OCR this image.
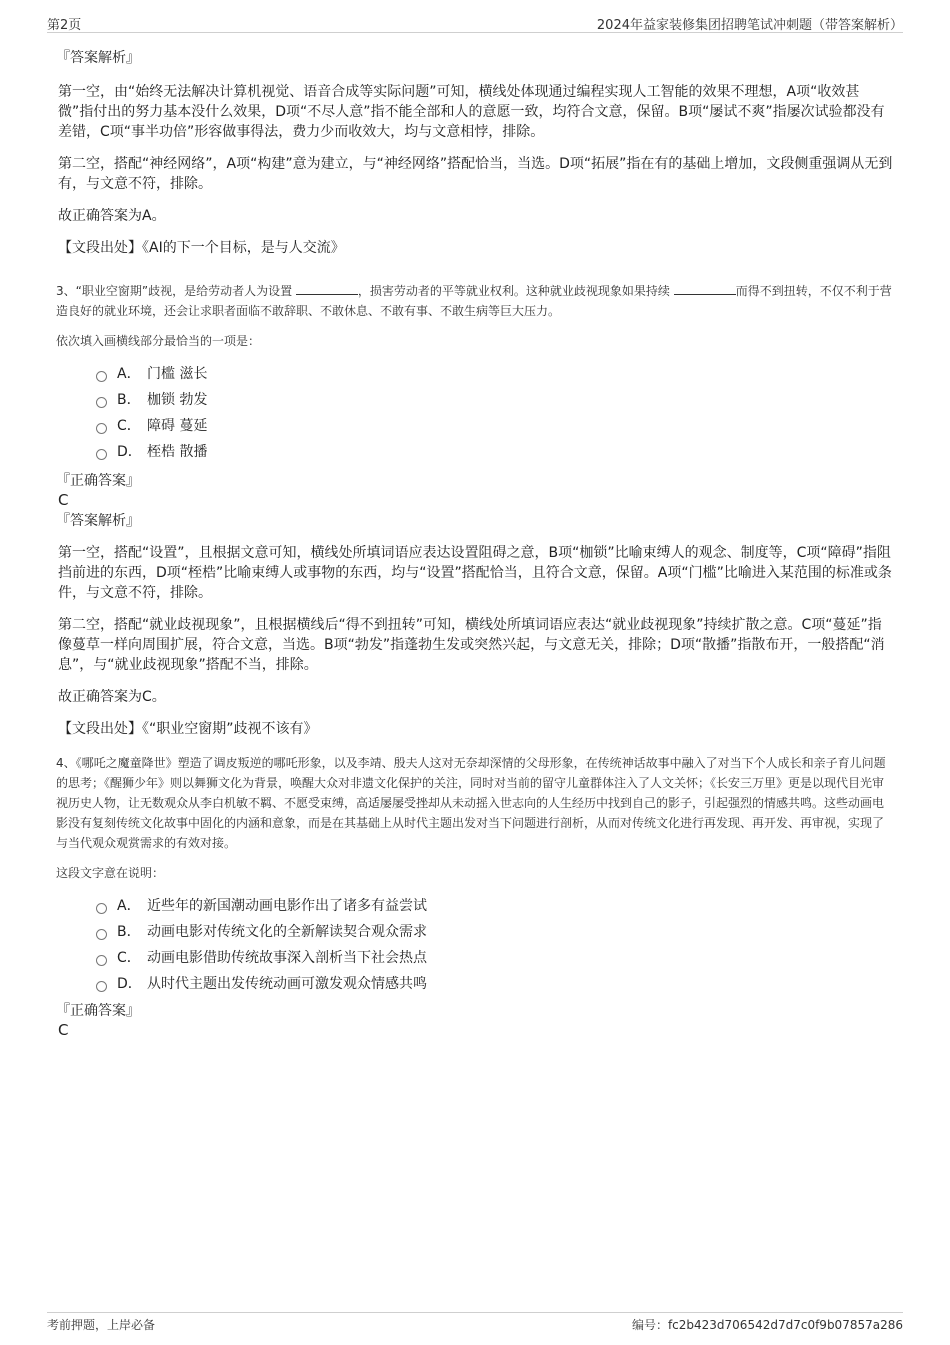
第2页	2024年益家装修集团招聘笔试冲刺题（带答案解析）

『答案解析』

第一空，由“始终无法解决计算机视觉、语音合成等实际问题”可知，横线处体现通过编程实现人工智能的效果不理想，A项“收效甚微”指付出的努力基本没什么效果，D项“不尽人意”指不能全部和人的意愿一致，均符合文意，保留。B项“屡试不爽”指屡次试验都没有差错，C项“事半功倍”形容做事得法，费力少而收效大，均与文意相悖，排除。

第二空，搭配“神经网络”，A项“构建”意为建立，与“神经网络”搭配恰当，当选。D项“拓展”指在有的基础上增加，文段侧重强调从无到有，与文意不符，排除。

故正确答案为A。

【文段出处】《AI的下一个目标，是与人交流》

3、“职业空窗期”歧视，是给劳动者人为设置	，损害劳动者的平等就业权利。这种就业歧视现象如果持续	而得不到扭转，不仅不利于营造良好的就业环境，还会让求职者面临不敢辞职、不敢休息、不敢有事、不敢生病等巨大压力。

依次填入画横线部分最恰当的一项是：

A． 门槛 滋长
B． 枷锁 勃发
C． 障碍 蔓延
D． 桎梏 散播

『正确答案』

C

『答案解析』

第一空，搭配“设置”，且根据文意可知，横线处所填词语应表达设置阻碍之意，B项“枷锁”比喻束缚人的观念、制度等，C项“障碍”指阻挡前进的东西，D项“桎梏”比喻束缚人或事物的东西，均与“设置”搭配恰当，且符合文意，保留。A项“门槛”比喻进入某范围的标准或条件，与文意不符，排除。

第二空，搭配“就业歧视现象”，且根据横线后“得不到扭转”可知，横线处所填词语应表达“就业歧视现象”持续扩散之意。C项“蔓延”指像蔓草一样向周围扩展，符合文意，当选。B项“勃发”指蓬勃生发或突然兴起，与文意无关，排除；D项“散播”指散布开，一般搭配“消息”，与“就业歧视现象”搭配不当，排除。

故正确答案为C。

【文段出处】《“职业空窗期”歧视不该有》

4、《哪吒之魔童降世》塑造了调皮叛逆的哪吒形象，以及李靖、殷夫人这对无奈却深情的父母形象，在传统神话故事中融入了对当下个人成长和亲子育儿问题的思考；《醒狮少年》则以舞狮文化为背景，唤醒大众对非遗文化保护的关注，同时对当前的留守儿童群体注入了人文关怀；《长安三万里》更是以现代目光审视历史人物，让无数观众从李白机敏不羁、不愿受束缚，高适屡屡受挫却从未动摇入世志向的人生经历中找到自己的影子，引起强烈的情感共鸣。这些动画电影没有复刻传统文化故事中固化的内涵和意象，而是在其基础上从时代主题出发对当下问题进行剖析，从而对传统文化进行再发现、再开发、再审视，实现了与当代观众观赏需求的有效对接。

这段文字意在说明：

A． 近些年的新国潮动画电影作出了诸多有益尝试
B． 动画电影对传统文化的全新解读契合观众需求
C． 动画电影借助传统故事深入剖析当下社会热点
D． 从时代主题出发传统动画可激发观众情感共鸣

『正确答案』

C

考前押题，上岸必备	编号：fc2b423d706542d7d7c0f9b07857a286
